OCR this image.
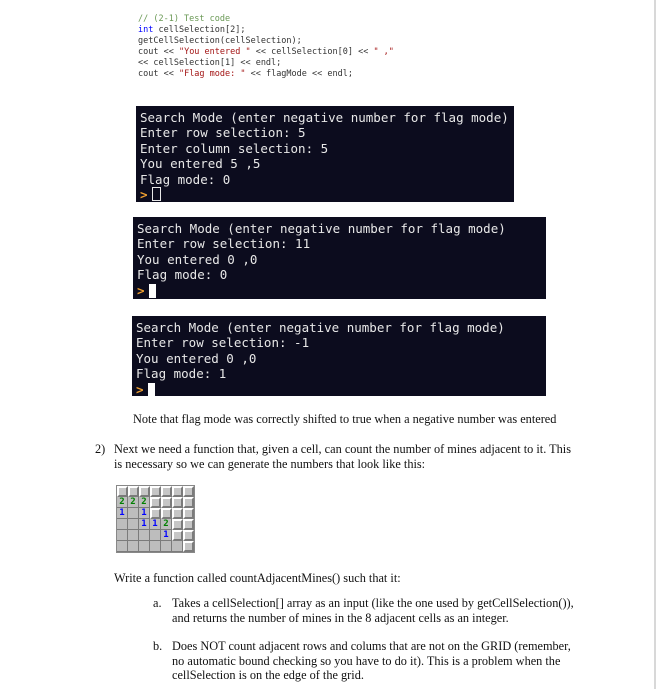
// (2-1) Test code
int cellSelection[2];
getCellSelection(cellSelection);
cout << "You entered " << cellSelection[0] << " ,"
<< cellSelection[1] << endl;
cout << "Flag mode: " << flagMode << endl;
Search Mode (enter negative number for flag mode)
Enter row selection: 5
Enter column selection: 5
You entered 5 ,5
Flag mode: 0
>
Search Mode (enter negative number for flag mode)
Enter row selection: 11
You entered 0 ,0
Flag mode: 0
>
Search Mode (enter negative number for flag mode)
Enter row selection: -1
You entered 0 ,0
Flag mode: 1
>
Note that flag mode was correctly shifted to true when a negative number was entered
2) Next we need a function that, given a cell, can count the number of mines adjacent to it. This is necessary so we can generate the numbers that look like this:
2 2 2
1	1
1 1 2
1
Write a function called countAdjacentMines() such that it:
a. Takes a cellSelection[] array as an input (like the one used by getCellSelection()), and returns the number of mines in the 8 adjacent cells as an integer.
b. Does NOT count adjacent rows and colums that are not on the GRID (remember, no automatic bound checking so you have to do it). This is a problem when the cellSelection is on the edge of the grid.
